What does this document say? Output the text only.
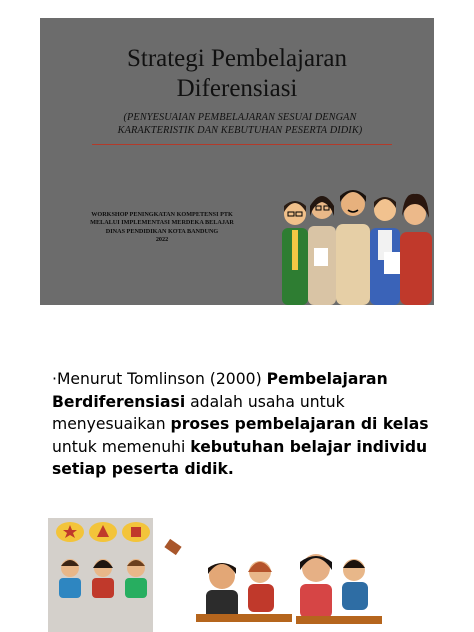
Strategi Pembelajaran
Diferensiasi
(PENYESUAIAN PEMBELAJARAN SESUAI DENGAN
KARAKTERISTIK DAN KEBUTUHAN PESERTA DIDIK)
WORKSHOP PENINGKATAN KOMPETENSI PTK
MELALUI IMPLEMENTASI MERDEKA BELAJAR
DINAS PENDIDIKAN KOTA BANDUNG
2022
·Menurut Tomlinson (2000) Pembelajaran Berdiferensiasi adalah usaha untuk menyesuaikan proses pembelajaran di kelas untuk memenuhi kebutuhan belajar individu setiap peserta didik.
